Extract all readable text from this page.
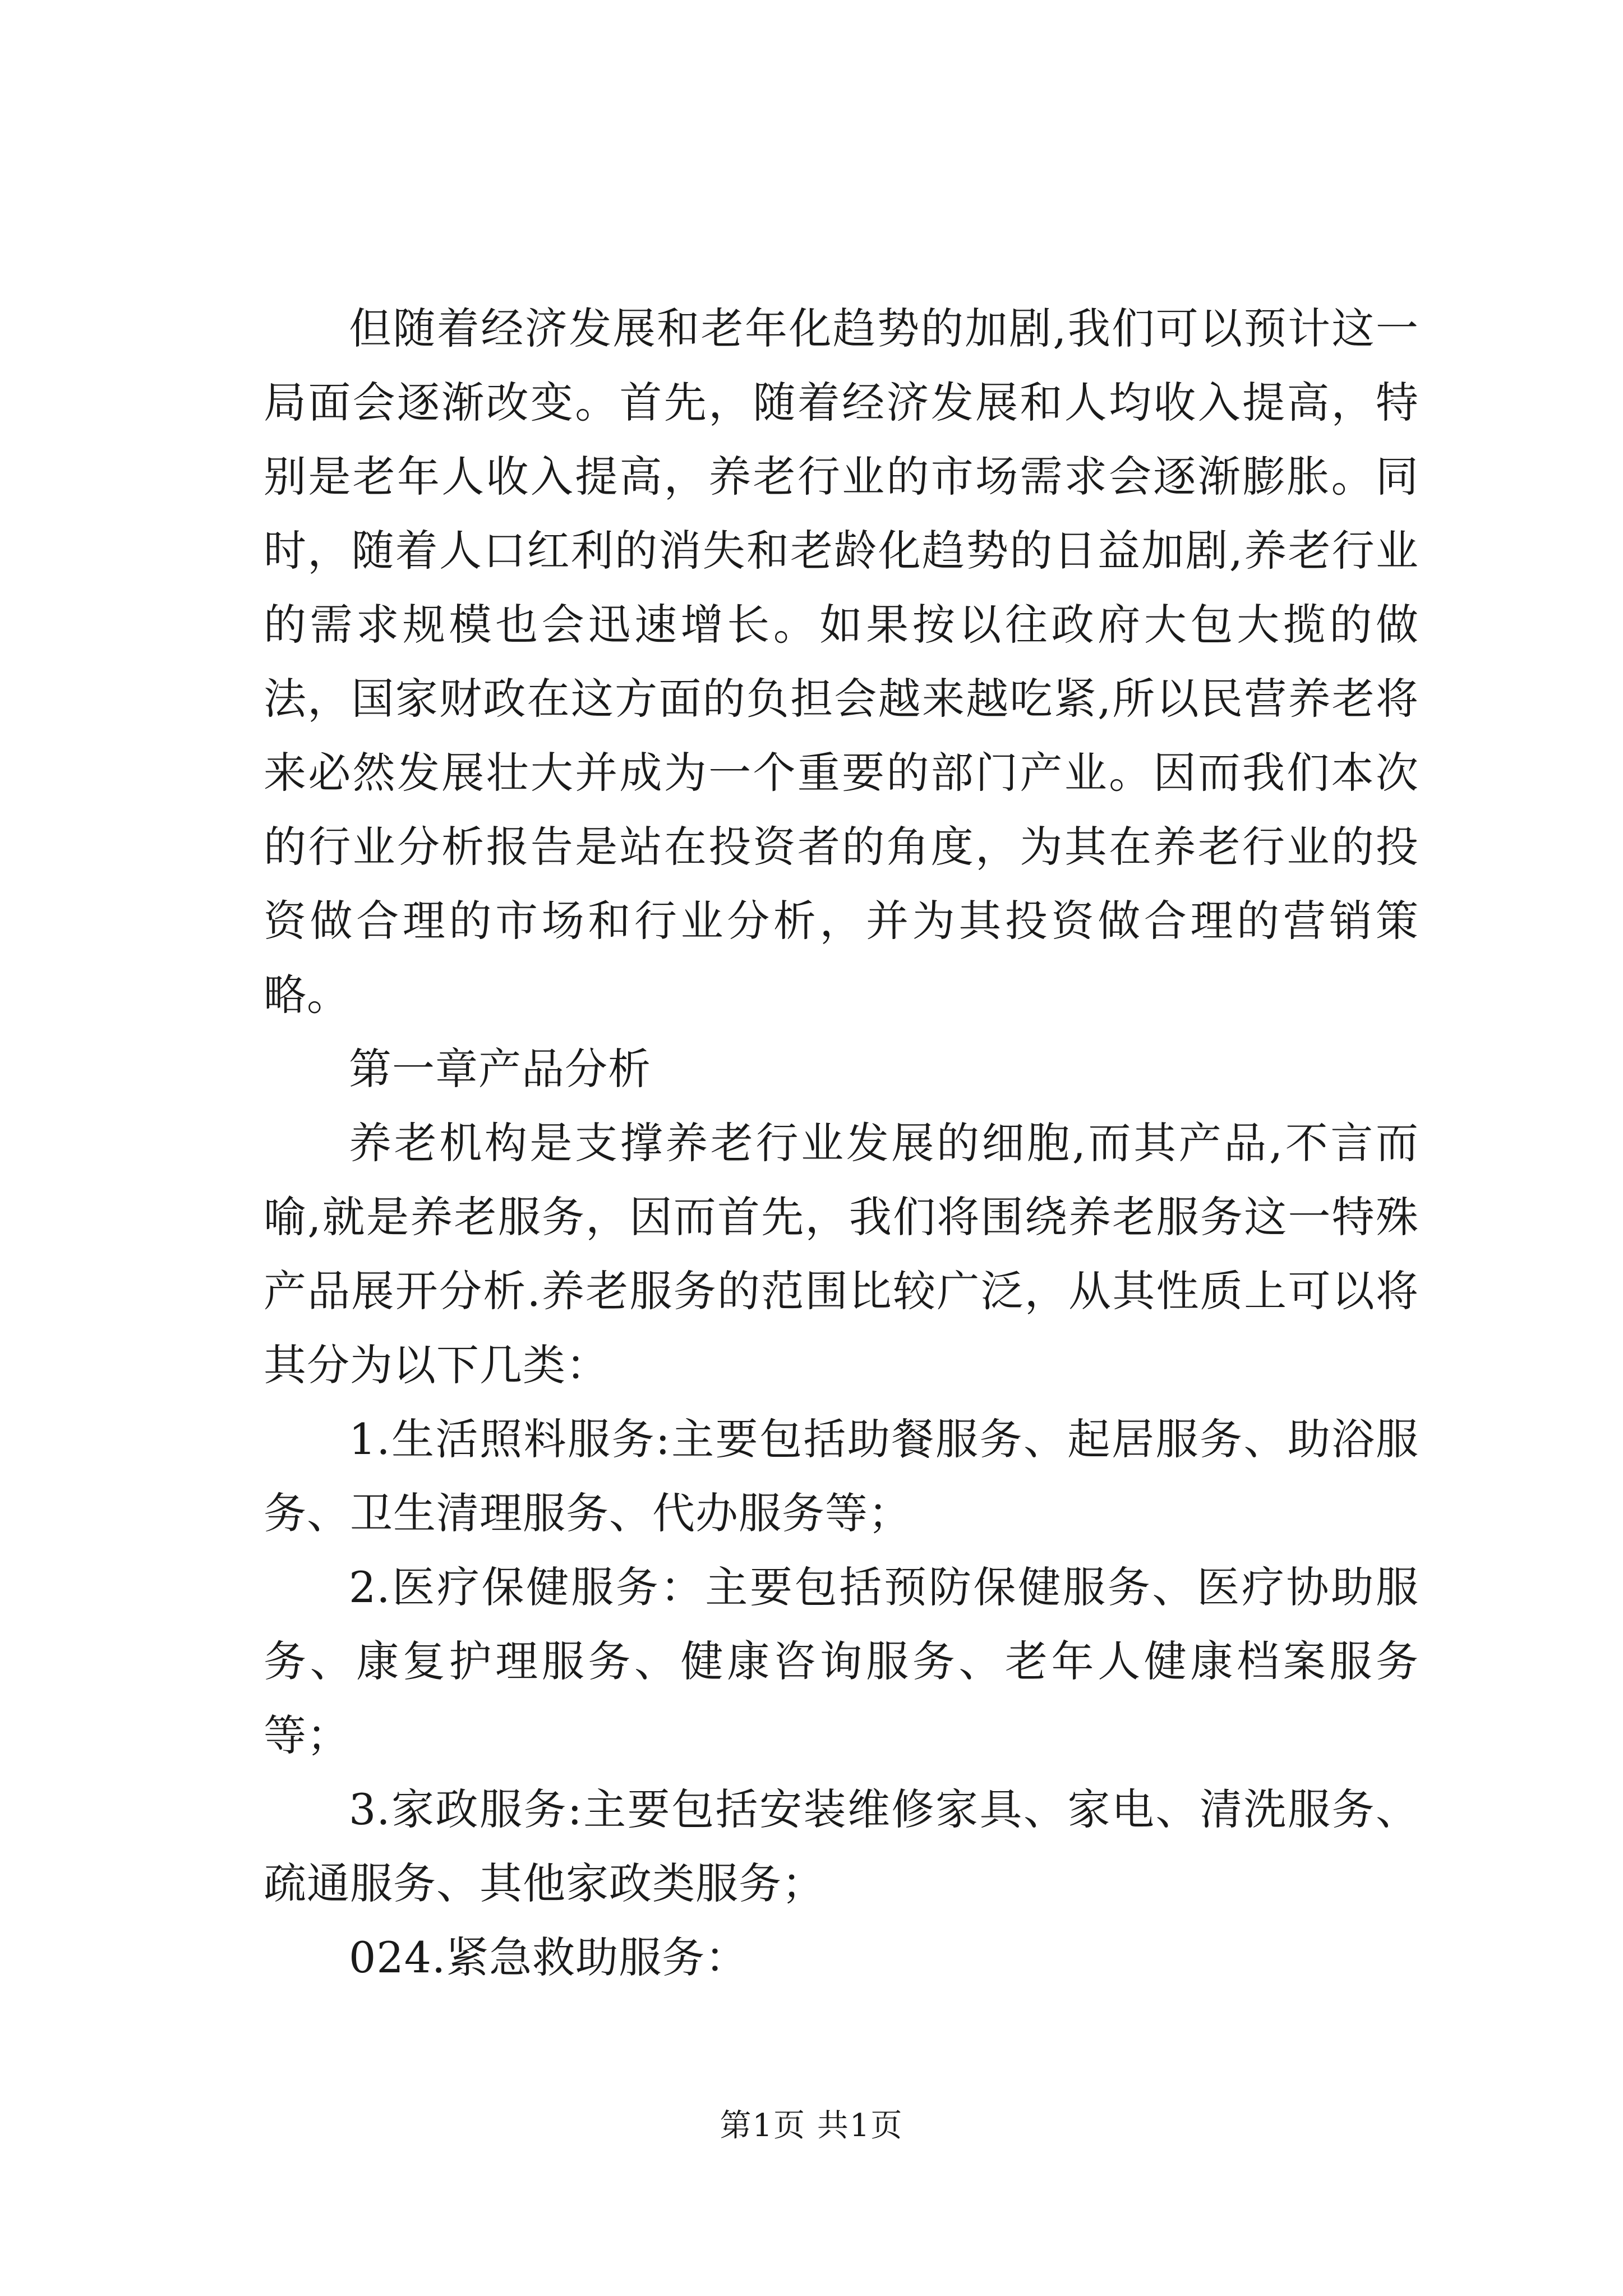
但随着经济发展和老年化趋势的加剧,我们可以预计这一局面会逐渐改变。首先，随着经济发展和人均收入提高，特别是老年人收入提高，养老行业的市场需求会逐渐膨胀。同时，随着人口红利的消失和老龄化趋势的日益加剧,养老行业的需求规模也会迅速增长。如果按以往政府大包大揽的做法，国家财政在这方面的负担会越来越吃紧,所以民营养老将来必然发展壮大并成为一个重要的部门产业。因而我们本次的行业分析报告是站在投资者的角度，为其在养老行业的投资做合理的市场和行业分析，并为其投资做合理的营销策略。

第一章产品分析

养老机构是支撑养老行业发展的细胞,而其产品,不言而喻,就是养老服务，因而首先，我们将围绕养老服务这一特殊产品展开分析.养老服务的范围比较广泛，从其性质上可以将其分为以下几类：

1.生活照料服务:主要包括助餐服务、起居服务、助浴服务、卫生清理服务、代办服务等；

2.医疗保健服务：主要包括预防保健服务、医疗协助服务、康复护理服务、健康咨询服务、老年人健康档案服务等；

3.家政服务:主要包括安装维修家具、家电、清洗服务、疏通服务、其他家政类服务；

024.紧急救助服务：

第1页 共1页
